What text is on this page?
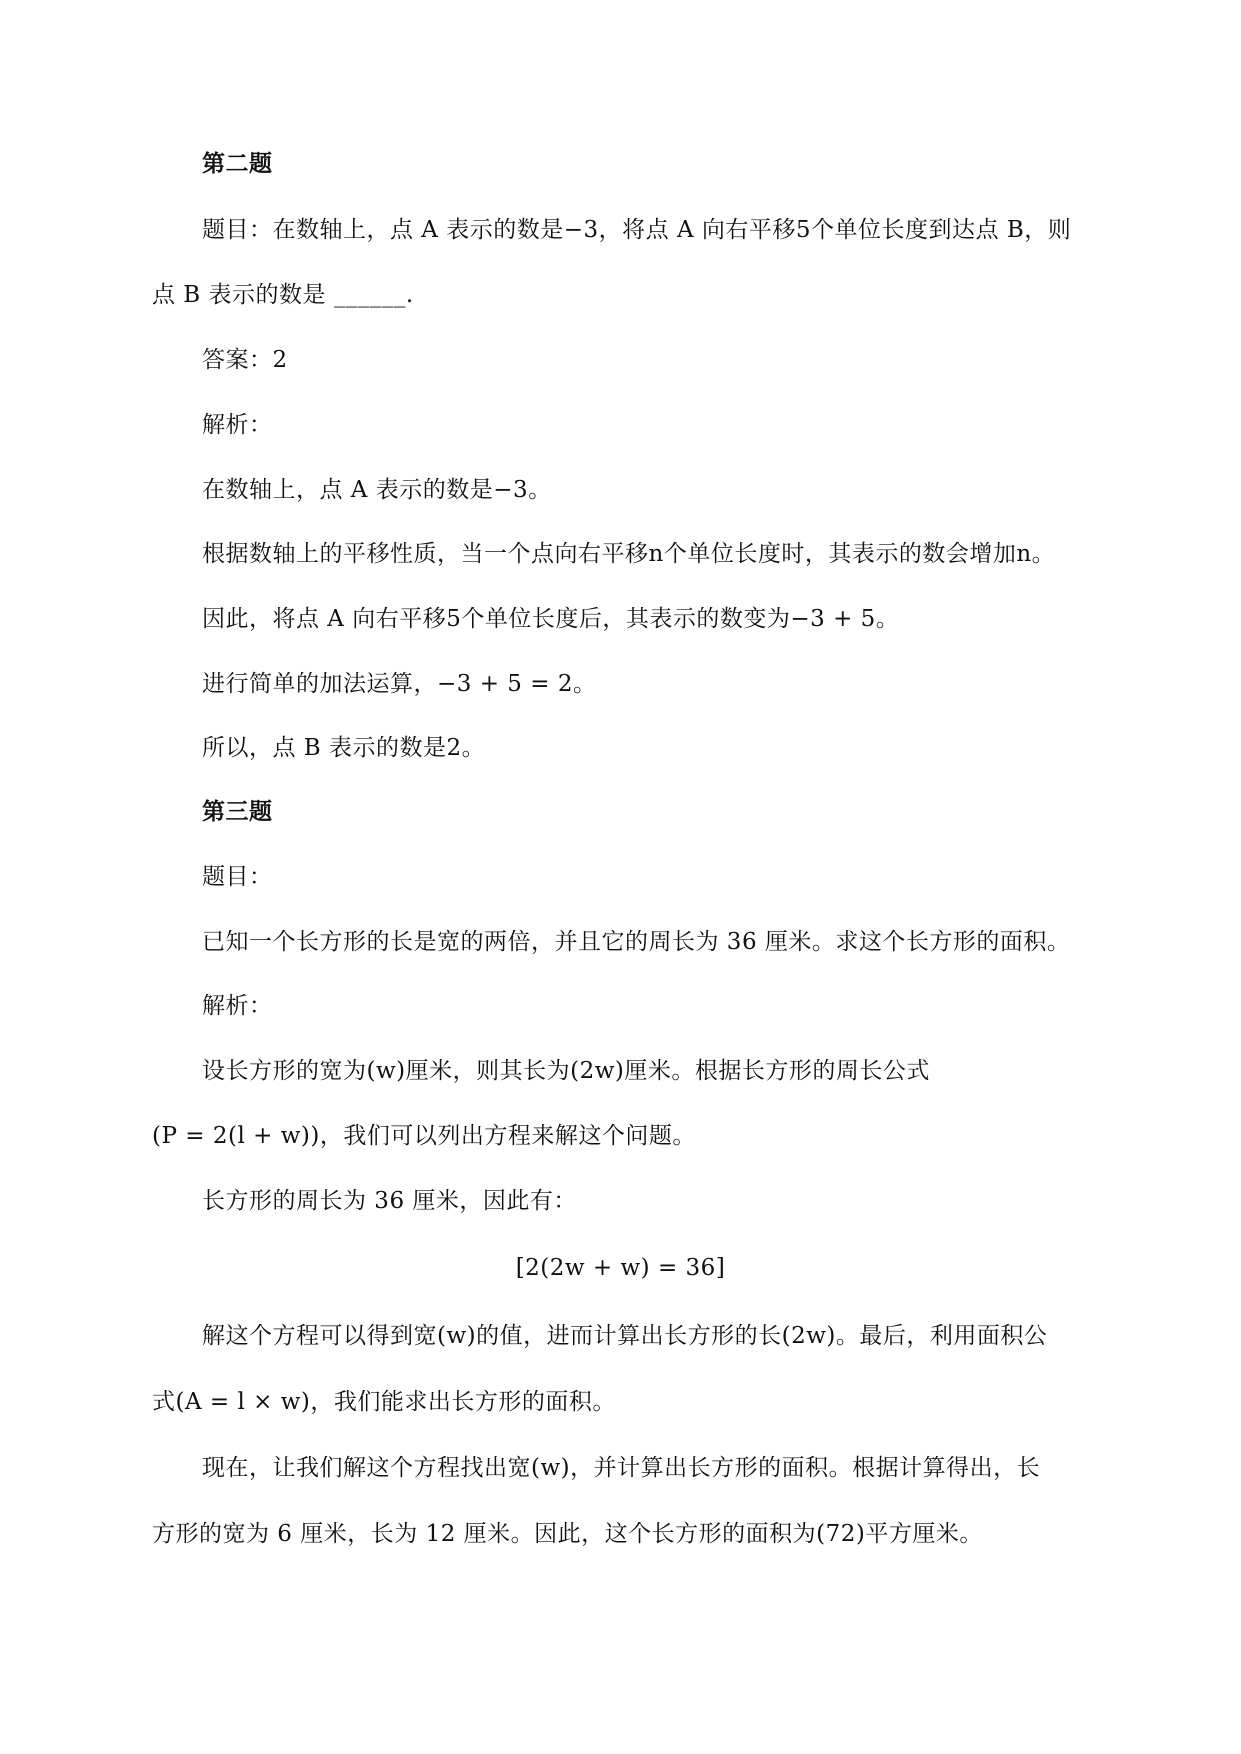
第二题
题目：在数轴上，点 A 表示的数是−3，将点 A 向右平移5个单位长度到达点 B，则
点 B 表示的数是 ______.
答案：2
解析：
在数轴上，点 A 表示的数是−3。
根据数轴上的平移性质，当一个点向右平移n个单位长度时，其表示的数会增加n。
因此，将点 A 向右平移5个单位长度后，其表示的数变为−3 + 5。
进行简单的加法运算，−3 + 5 = 2。
所以，点 B 表示的数是2。
第三题
题目：
已知一个长方形的长是宽的两倍，并且它的周长为 36 厘米。求这个长方形的面积。
解析：
设长方形的宽为(w)厘米，则其长为(2w)厘米。根据长方形的周长公式
(P = 2(l + w))，我们可以列出方程来解这个问题。
长方形的周长为 36 厘米，因此有：
[2(2w + w) = 36]
解这个方程可以得到宽(w)的值，进而计算出长方形的长(2w)。最后，利用面积公
式(A = l × w)，我们能求出长方形的面积。
现在，让我们解这个方程找出宽(w)，并计算出长方形的面积。根据计算得出，长
方形的宽为 6 厘米，长为 12 厘米。因此，这个长方形的面积为(72)平方厘米。
